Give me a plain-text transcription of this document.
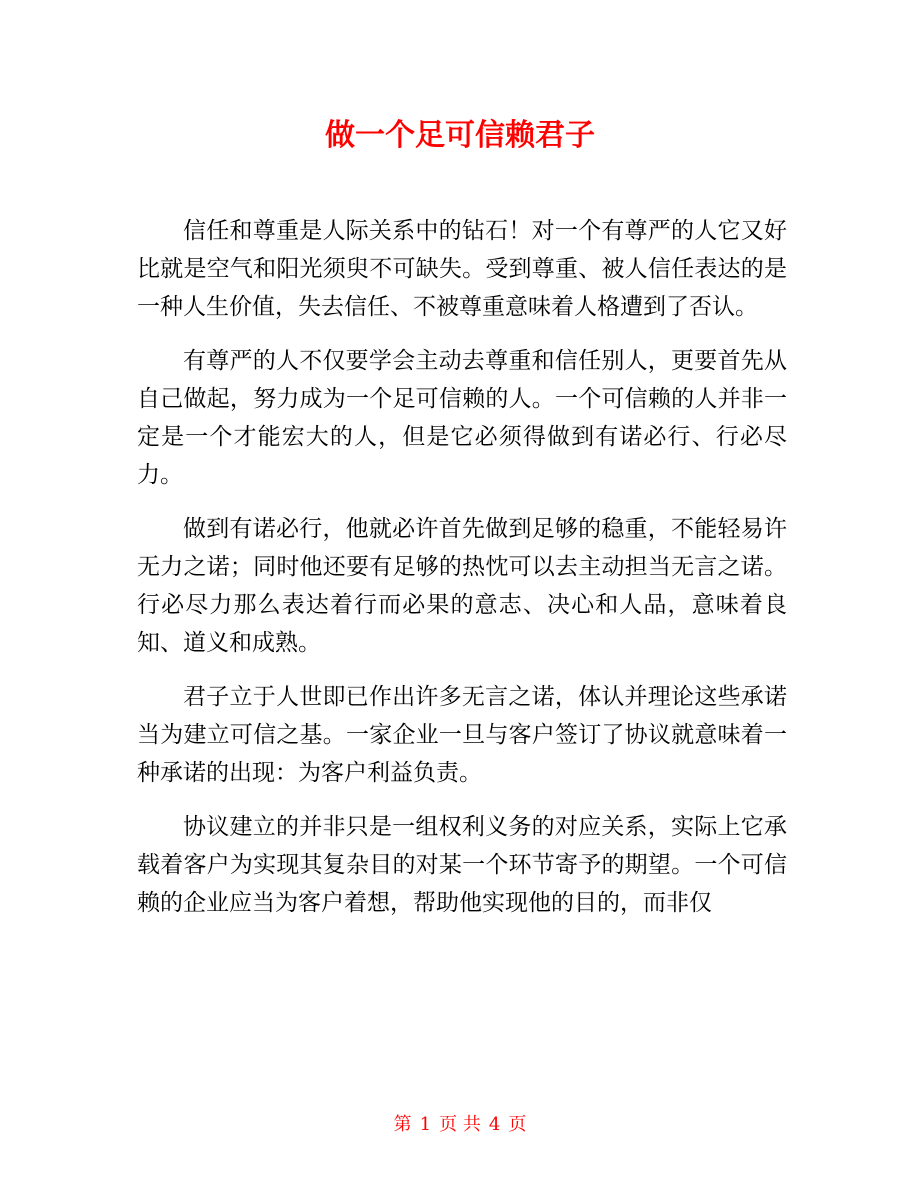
做一个足可信赖君子

信任和尊重是人际关系中的钻石！对一个有尊严的人它又好比就是空气和阳光须臾不可缺失。受到尊重、被人信任表达的是一种人生价值，失去信任、不被尊重意味着人格遭到了否认。

有尊严的人不仅要学会主动去尊重和信任别人，更要首先从自己做起，努力成为一个足可信赖的人。一个可信赖的人并非一定是一个才能宏大的人，但是它必须得做到有诺必行、行必尽力。

做到有诺必行，他就必许首先做到足够的稳重，不能轻易许无力之诺；同时他还要有足够的热忱可以去主动担当无言之诺。行必尽力那么表达着行而必果的意志、决心和人品，意味着良知、道义和成熟。

君子立于人世即已作出许多无言之诺，体认并理论这些承诺当为建立可信之基。一家企业一旦与客户签订了协议就意味着一种承诺的出现：为客户利益负责。

协议建立的并非只是一组权利义务的对应关系，实际上它承载着客户为实现其复杂目的对某一个环节寄予的期望。一个可信赖的企业应当为客户着想，帮助他实现他的目的，而非仅

第 1 页 共 4 页
